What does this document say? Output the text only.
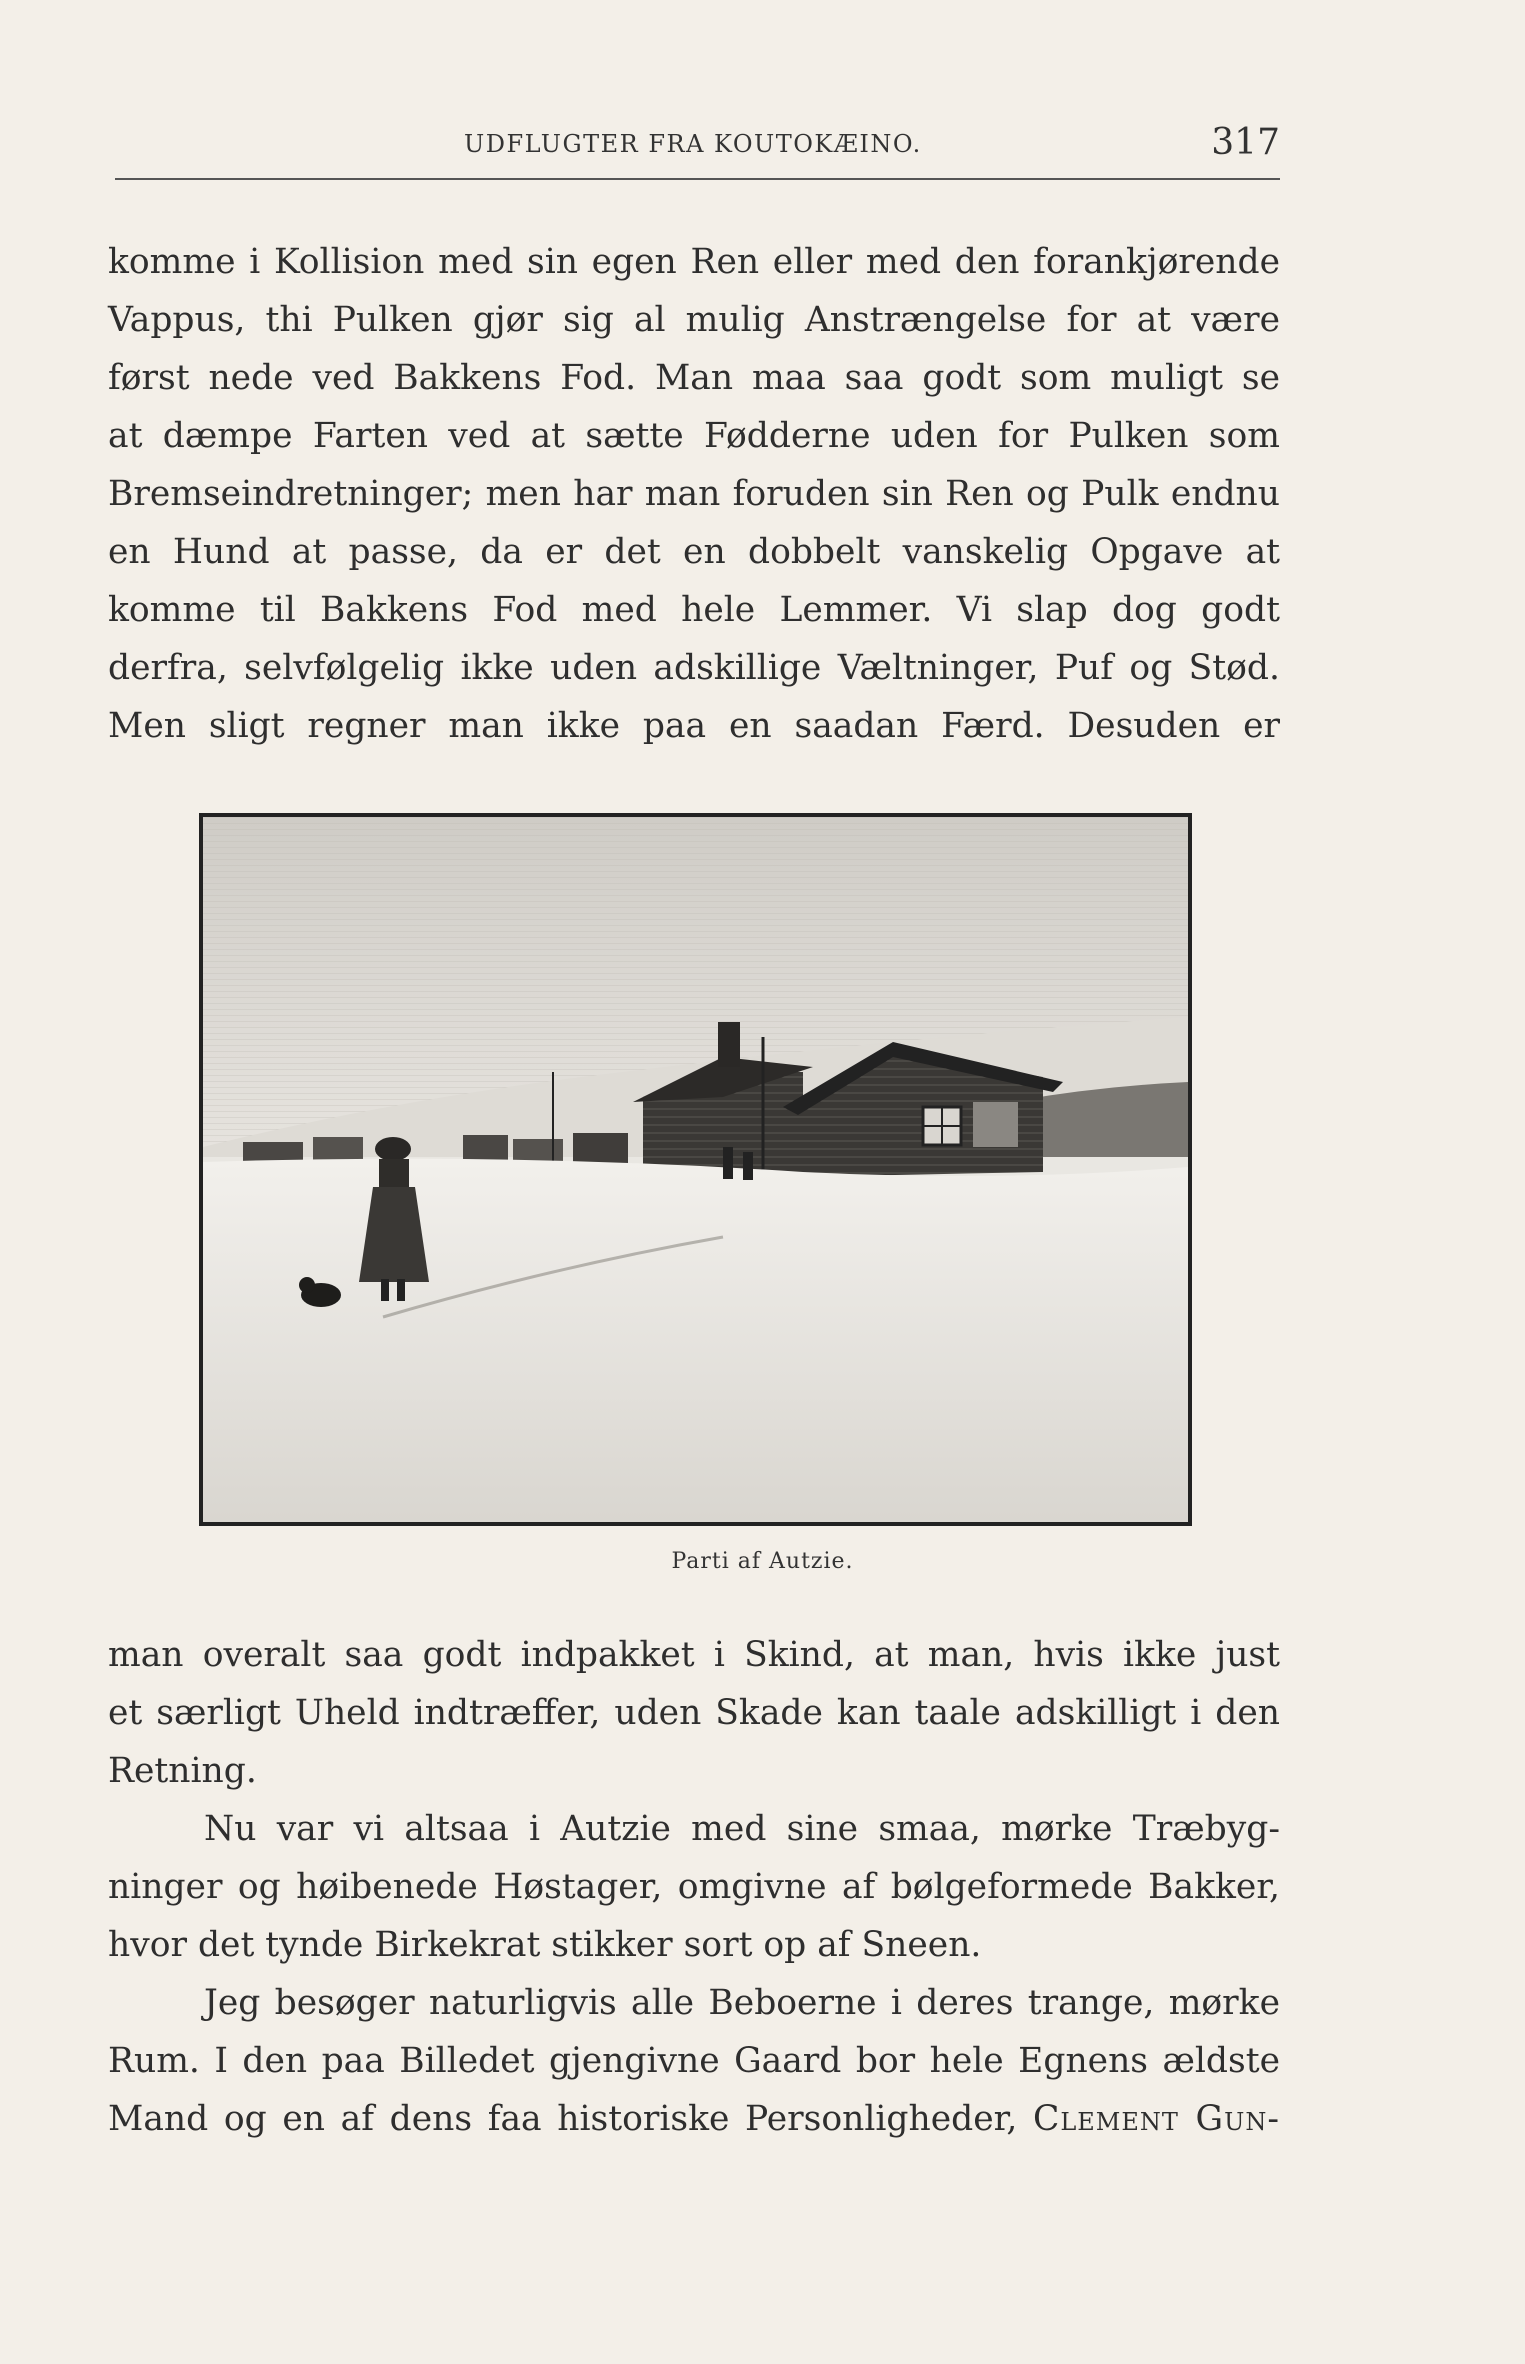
UDFLUGTER FRA KOUTOKÆINO.	317
komme i Kollision med sin egen Ren eller med den forankjørende
Vappus, thi Pulken gjør sig al mulig Anstrængelse for at være
først nede ved Bakkens Fod. Man maa saa godt som muligt se
at dæmpe Farten ved at sætte Fødderne uden for Pulken som
Bremseindretninger; men har man foruden sin Ren og Pulk endnu
en Hund at passe, da er det en dobbelt vanskelig Opgave at
komme til Bakkens Fod med hele Lemmer. Vi slap dog godt
derfra, selvfølgelig ikke uden adskillige Væltninger, Puf og Stød.
Men sligt regner man ikke paa en saadan Færd. Desuden er
Parti af Autzie.
man overalt saa godt indpakket i Skind, at man, hvis ikke just
et særligt Uheld indtræffer, uden Skade kan taale adskilligt i den
Retning.
Nu var vi altsaa i Autzie med sine smaa, mørke Træbyg-
ninger og høibenede Høstager, omgivne af bølgeformede Bakker,
hvor det tynde Birkekrat stikker sort op af Sneen.
Jeg besøger naturligvis alle Beboerne i deres trange, mørke
Rum. I den paa Billedet gjengivne Gaard bor hele Egnens ældste
Mand og en af dens faa historiske Personligheder, Clement Gun-
